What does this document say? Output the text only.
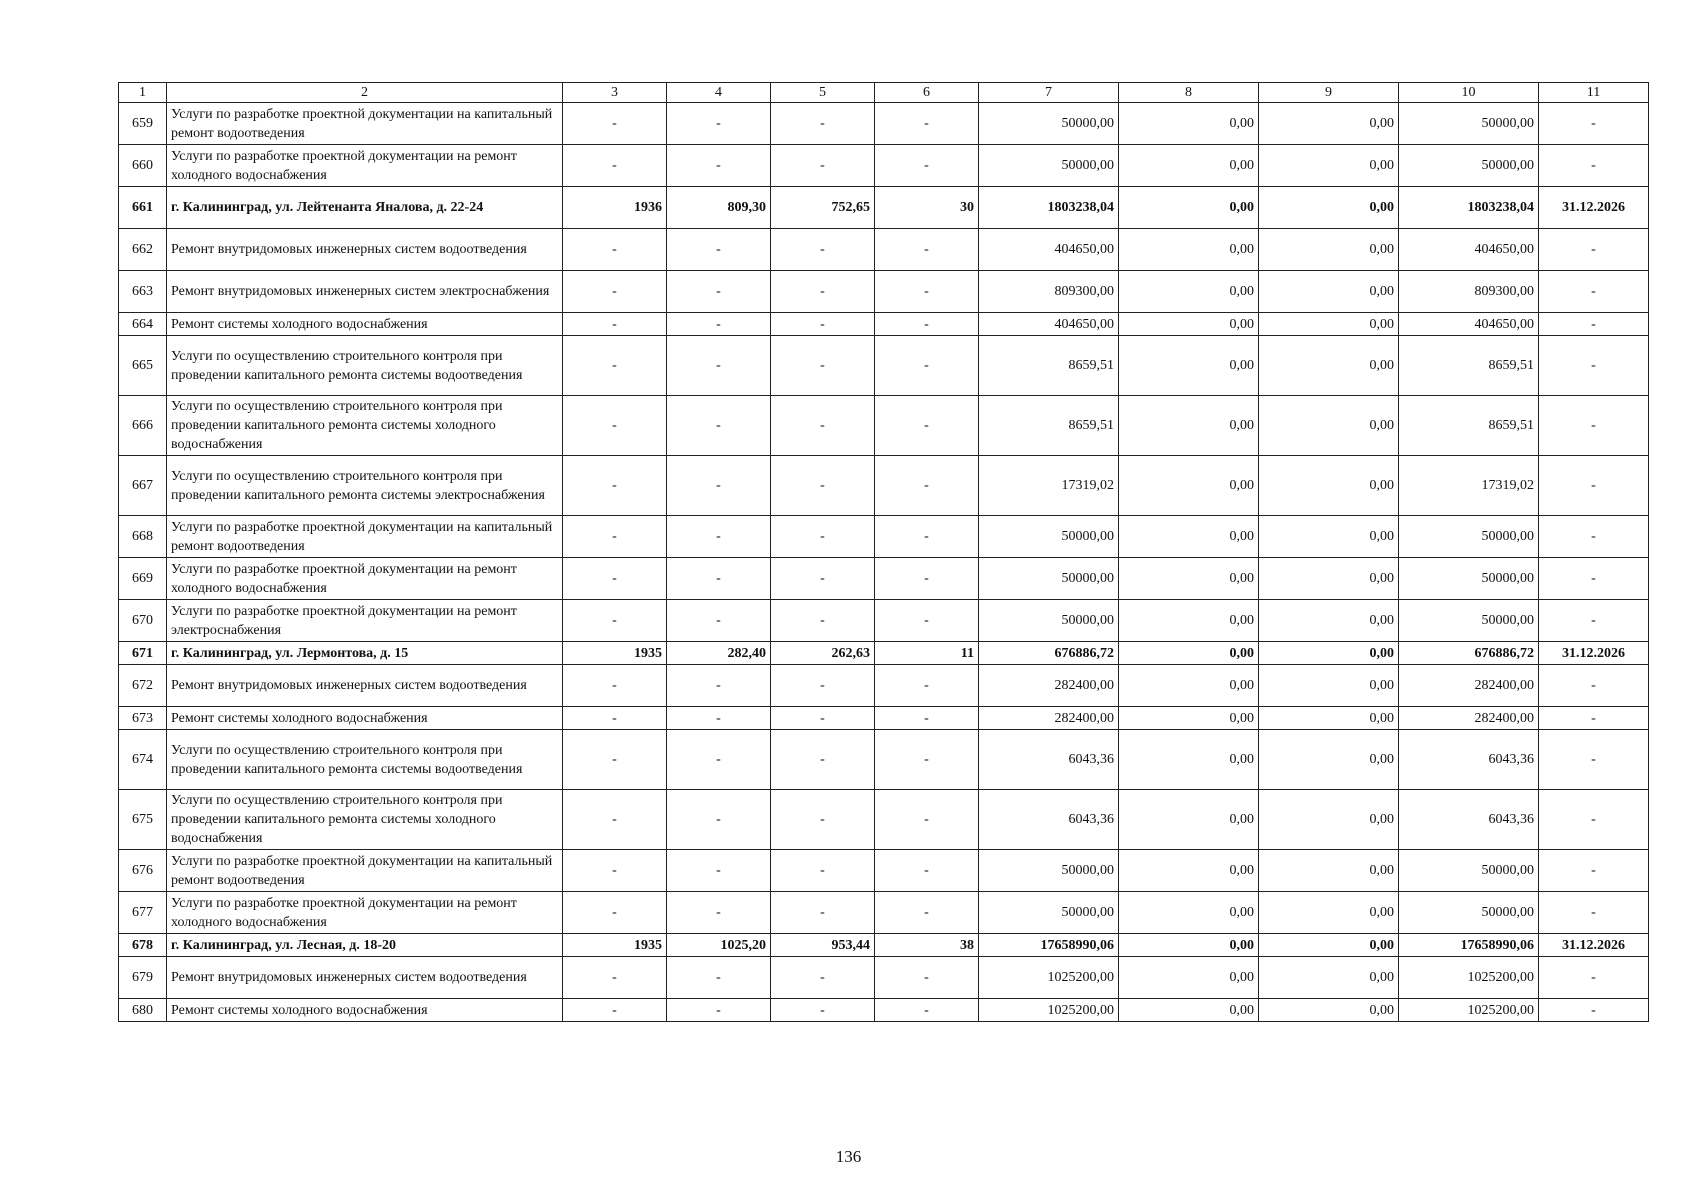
1	2	3	4	5	6	7	8	9	10	11
659	Услуги по разработке проектной документации на капитальный ремонт водоотведения	-	-	-	-	50000,00	0,00	0,00	50000,00	-
660	Услуги по разработке проектной документации на ремонт холодного водоснабжения	-	-	-	-	50000,00	0,00	0,00	50000,00	-
661	г. Калининград, ул. Лейтенанта Яналова, д. 22-24	1936	809,30	752,65	30	1803238,04	0,00	0,00	1803238,04	31.12.2026
662	Ремонт внутридомовых инженерных систем водоотведения	-	-	-	-	404650,00	0,00	0,00	404650,00	-
663	Ремонт внутридомовых инженерных систем электроснабжения	-	-	-	-	809300,00	0,00	0,00	809300,00	-
664	Ремонт системы холодного водоснабжения	-	-	-	-	404650,00	0,00	0,00	404650,00	-
665	Услуги по осуществлению строительного контроля при проведении капитального ремонта системы водоотведения	-	-	-	-	8659,51	0,00	0,00	8659,51	-
666	Услуги по осуществлению строительного контроля при проведении капитального ремонта системы холодного водоснабжения	-	-	-	-	8659,51	0,00	0,00	8659,51	-
667	Услуги по осуществлению строительного контроля при проведении капитального ремонта системы электроснабжения	-	-	-	-	17319,02	0,00	0,00	17319,02	-
668	Услуги по разработке проектной документации на капитальный ремонт водоотведения	-	-	-	-	50000,00	0,00	0,00	50000,00	-
669	Услуги по разработке проектной документации на ремонт холодного водоснабжения	-	-	-	-	50000,00	0,00	0,00	50000,00	-
670	Услуги по разработке проектной документации на ремонт электроснабжения	-	-	-	-	50000,00	0,00	0,00	50000,00	-
671	г. Калининград, ул. Лермонтова, д. 15	1935	282,40	262,63	11	676886,72	0,00	0,00	676886,72	31.12.2026
672	Ремонт внутридомовых инженерных систем водоотведения	-	-	-	-	282400,00	0,00	0,00	282400,00	-
673	Ремонт системы холодного водоснабжения	-	-	-	-	282400,00	0,00	0,00	282400,00	-
674	Услуги по осуществлению строительного контроля при проведении капитального ремонта системы водоотведения	-	-	-	-	6043,36	0,00	0,00	6043,36	-
675	Услуги по осуществлению строительного контроля при проведении капитального ремонта системы холодного водоснабжения	-	-	-	-	6043,36	0,00	0,00	6043,36	-
676	Услуги по разработке проектной документации на капитальный ремонт водоотведения	-	-	-	-	50000,00	0,00	0,00	50000,00	-
677	Услуги по разработке проектной документации на ремонт холодного водоснабжения	-	-	-	-	50000,00	0,00	0,00	50000,00	-
678	г. Калининград, ул. Лесная, д. 18-20	1935	1025,20	953,44	38	17658990,06	0,00	0,00	17658990,06	31.12.2026
679	Ремонт внутридомовых инженерных систем водоотведения	-	-	-	-	1025200,00	0,00	0,00	1025200,00	-
680	Ремонт системы холодного водоснабжения	-	-	-	-	1025200,00	0,00	0,00	1025200,00	-
136
